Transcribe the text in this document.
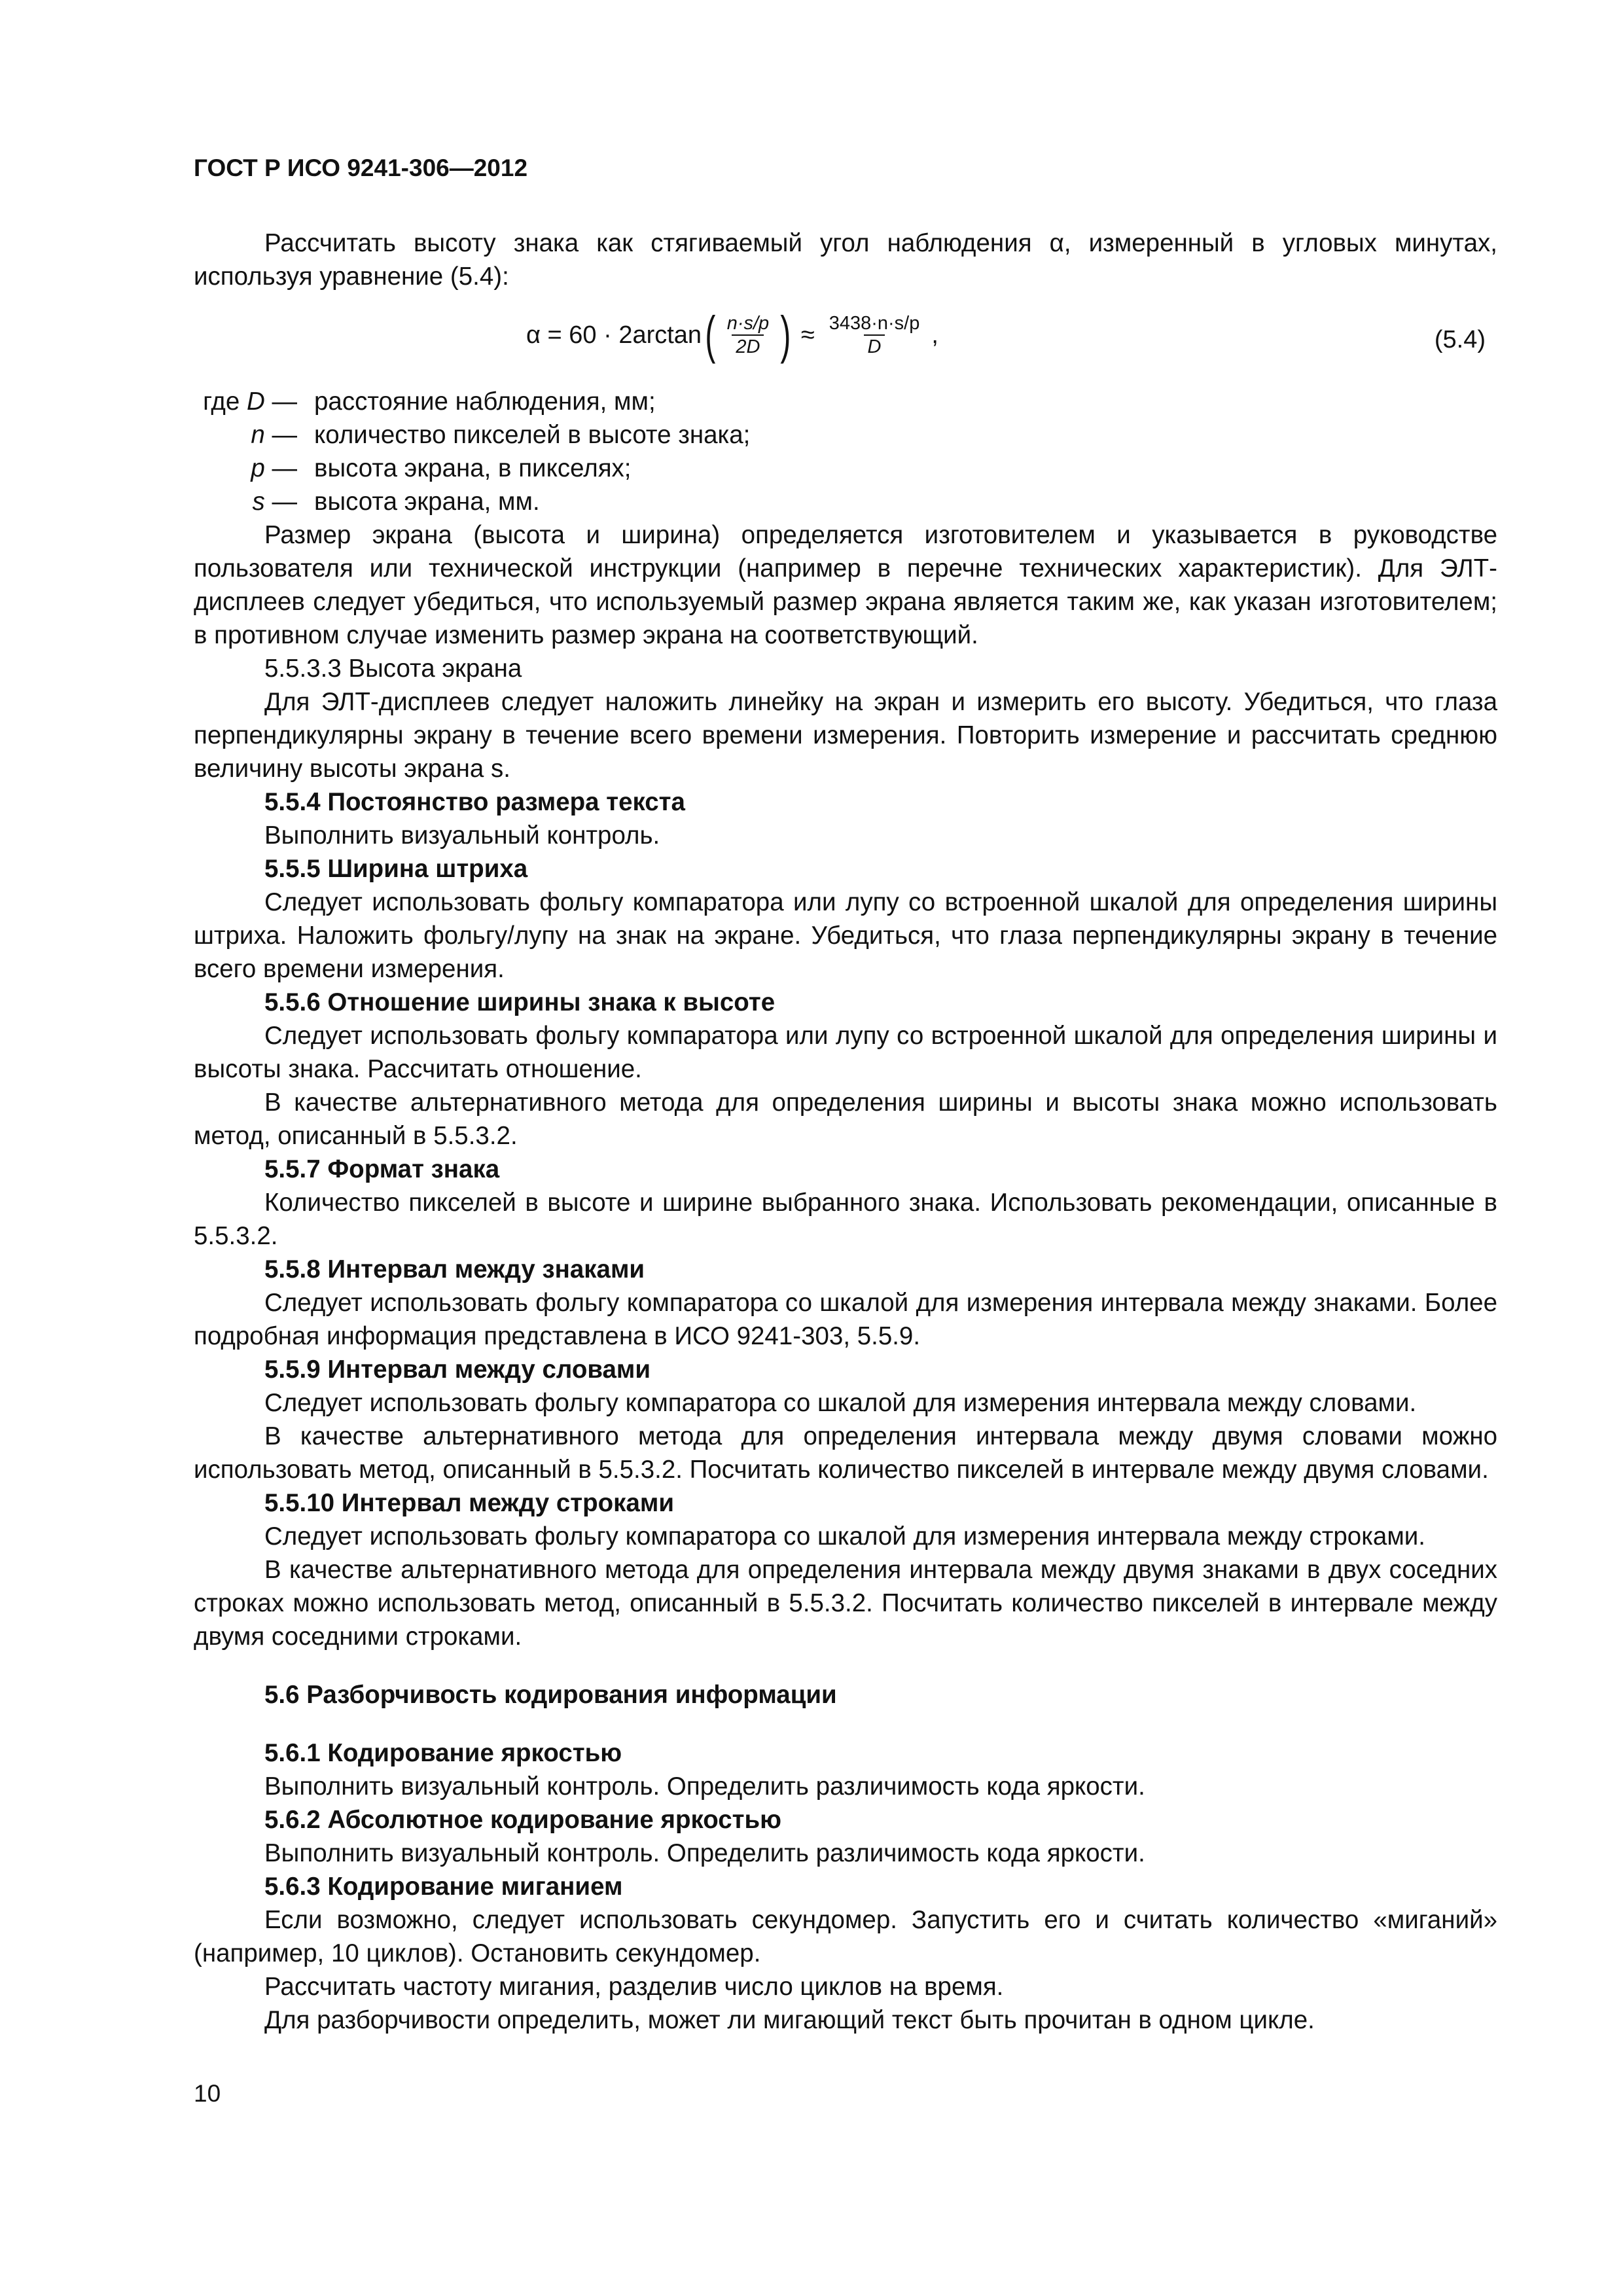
ГОСТ Р ИСО 9241-306—2012

Рассчитать высоту знака как стягиваемый угол наблюдения α, измеренный в угловых минутах, используя уравнение (5.4):

α = 60 · 2arctan ( $\frac{n\cdot s/p}{2D}$ ) ≈ $\frac{3438\cdot n\cdot s/p}{D}$ ,	(5.4)
где D — расстояние наблюдения, мм;
n — количество пикселей в высоте знака;
p — высота экрана, в пикселях;
s — высота экрана, мм.

Размер экрана (высота и ширина) определяется изготовителем и указывается в руководстве пользователя или технической инструкции (например в перечне технических характеристик). Для ЭЛТ-дисплеев следует убедиться, что используемый размер экрана является таким же, как указан изготовителем; в противном случае изменить размер экрана на соответствующий.

5.5.3.3 Высота экрана

Для ЭЛТ-дисплеев следует наложить линейку на экран и измерить его высоту. Убедиться, что глаза перпендикулярны экрану в течение всего времени измерения. Повторить измерение и рассчитать среднюю величину высоты экрана s.

5.5.4 Постоянство размера текста

Выполнить визуальный контроль.

5.5.5 Ширина штриха

Следует использовать фольгу компаратора или лупу со встроенной шкалой для определения ширины штриха. Наложить фольгу/лупу на знак на экране. Убедиться, что глаза перпендикулярны экрану в течение всего времени измерения.

5.5.6 Отношение ширины знака к высоте

Следует использовать фольгу компаратора или лупу со встроенной шкалой для определения ширины и высоты знака. Рассчитать отношение.

В качестве альтернативного метода для определения ширины и высоты знака можно использовать метод, описанный в 5.5.3.2.

5.5.7 Формат знака

Количество пикселей в высоте и ширине выбранного знака. Использовать рекомендации, описанные в 5.5.3.2.

5.5.8 Интервал между знаками

Следует использовать фольгу компаратора со шкалой для измерения интервала между знаками. Более подробная информация представлена в ИСО 9241-303, 5.5.9.

5.5.9 Интервал между словами

Следует использовать фольгу компаратора со шкалой для измерения интервала между словами.

В качестве альтернативного метода для определения интервала между двумя словами можно использовать метод, описанный в 5.5.3.2. Посчитать количество пикселей в интервале между двумя словами.

5.5.10 Интервал между строками

Следует использовать фольгу компаратора со шкалой для измерения интервала между строками.

В качестве альтернативного метода для определения интервала между двумя знаками в двух соседних строках можно использовать метод, описанный в 5.5.3.2. Посчитать количество пикселей в интервале между двумя соседними строками.

5.6 Разборчивость кодирования информации

5.6.1 Кодирование яркостью

Выполнить визуальный контроль. Определить различимость кода яркости.

5.6.2 Абсолютное кодирование яркостью

Выполнить визуальный контроль. Определить различимость кода яркости.

5.6.3 Кодирование миганием

Если возможно, следует использовать секундомер. Запустить его и считать количество «миганий» (например, 10 циклов). Остановить секундомер.

Рассчитать частоту мигания, разделив число циклов на время.

Для разборчивости определить, может ли мигающий текст быть прочитан в одном цикле.

10
